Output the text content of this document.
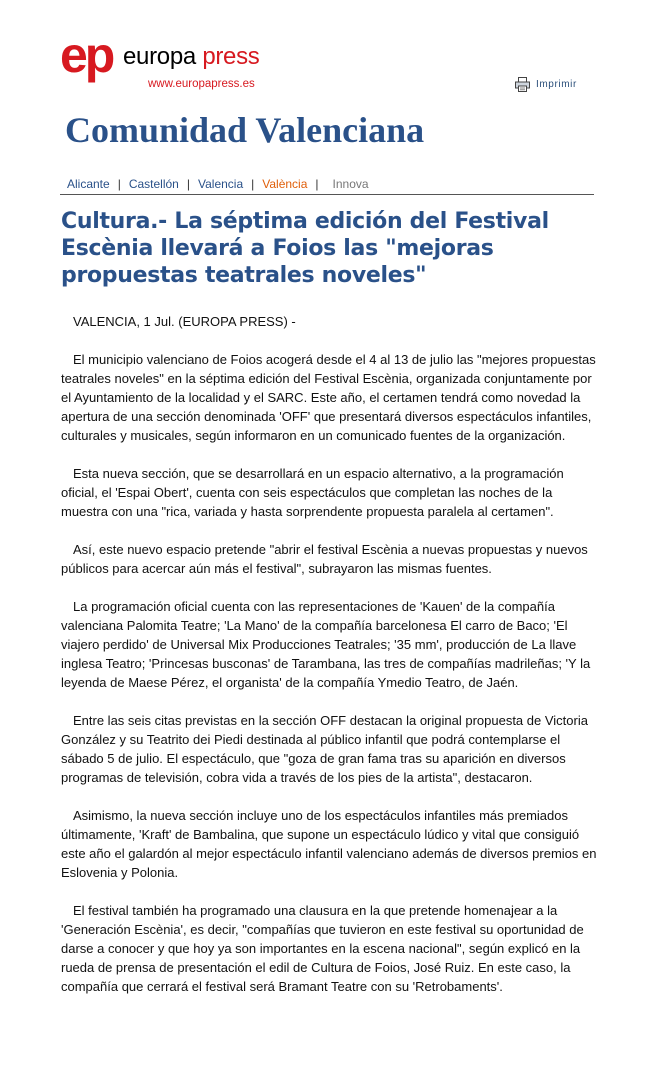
ep europa press
www.europapress.es	Imprimir
Comunidad Valenciana
Alicante | Castellón | Valencia | València | Innova
Cultura.- La séptima edición del Festival Escènia llevará a Foios las "mejoras propuestas teatrales noveles"

VALENCIA, 1 Jul. (EUROPA PRESS) -

El municipio valenciano de Foios acogerá desde el 4 al 13 de julio las "mejores propuestas teatrales noveles" en la séptima edición del Festival Escènia, organizada conjuntamente por el Ayuntamiento de la localidad y el SARC. Este año, el certamen tendrá como novedad la apertura de una sección denominada 'OFF' que presentará diversos espectáculos infantiles, culturales y musicales, según informaron en un comunicado fuentes de la organización.

Esta nueva sección, que se desarrollará en un espacio alternativo, a la programación oficial, el 'Espai Obert', cuenta con seis espectáculos que completan las noches de la muestra con una "rica, variada y hasta sorprendente propuesta paralela al certamen".

Así, este nuevo espacio pretende "abrir el festival Escènia a nuevas propuestas y nuevos públicos para acercar aún más el festival", subrayaron las mismas fuentes.

La programación oficial cuenta con las representaciones de 'Kauen' de la compañía valenciana Palomita Teatre; 'La Mano' de la compañía barcelonesa El carro de Baco; 'El viajero perdido' de Universal Mix Producciones Teatrales; '35 mm', producción de La llave inglesa Teatro; 'Princesas busconas' de Tarambana, las tres de compañías madrileñas; 'Y la leyenda de Maese Pérez, el organista' de la compañía Ymedio Teatro, de Jaén.

Entre las seis citas previstas en la sección OFF destacan la original propuesta de Victoria González y su Teatrito dei Piedi destinada al público infantil que podrá contemplarse el sábado 5 de julio. El espectáculo, que "goza de gran fama tras su aparición en diversos programas de televisión, cobra vida a través de los pies de la artista", destacaron.

Asimismo, la nueva sección incluye uno de los espectáculos infantiles más premiados últimamente, 'Kraft' de Bambalina, que supone un espectáculo lúdico y vital que consiguió este año el galardón al mejor espectáculo infantil valenciano además de diversos premios en Eslovenia y Polonia.

El festival también ha programado una clausura en la que pretende homenajear a la 'Generación Escènia', es decir, "compañías que tuvieron en este festival su oportunidad de darse a conocer y que hoy ya son importantes en la escena nacional", según explicó en la rueda de prensa de presentación el edil de Cultura de Foios, José Ruiz. En este caso, la compañía que cerrará el festival será Bramant Teatre con su 'Retrobaments'.
